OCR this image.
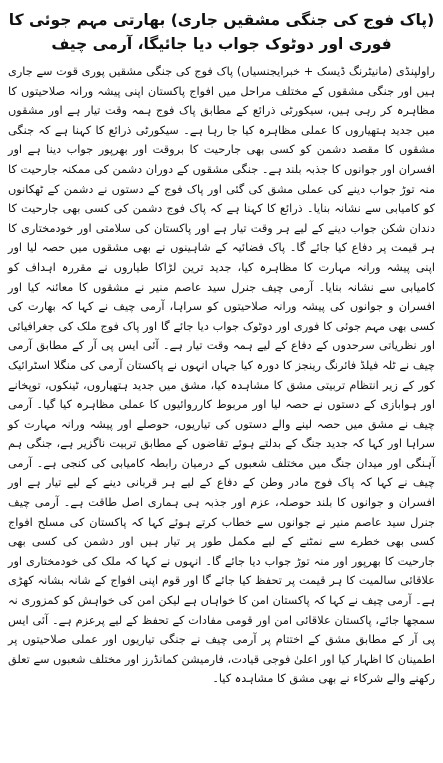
(پاک فوج کی جنگی مشقیں جاری) بھارتی مہم جوئی کا فوری اور دوٹوک جواب دیا جائیگا، آرمی چیف

راولپنڈی (مانیٹرنگ ڈیسک + خبرایجنسیاں) پاک فوج کی جنگی مشقیں پوری قوت سے جاری ہیں اور جنگی مشقوں کے مختلف مراحل میں افواج پاکستان اپنی پیشہ ورانہ صلاحیتوں کا مظاہرہ کر رہی ہیں، سیکورٹی ذرائع کے مطابق پاک فوج ہمہ وقت تیار ہے اور مشقوں میں جدید ہتھیاروں کا عملی مظاہرہ کیا جا رہا ہے۔ سیکورٹی ذرائع کا کہنا ہے کہ جنگی مشقوں کا مقصد دشمن کو کسی بھی جارحیت کا بروقت اور بھرپور جواب دینا ہے اور افسران اور جوانوں کا جذبہ بلند ہے۔ جنگی مشقوں کے دوران دشمن کی ممکنہ جارحیت کا منہ توڑ جواب دینے کی عملی مشق کی گئی اور پاک فوج کے دستوں نے دشمن کے ٹھکانوں کو کامیابی سے نشانہ بنایا۔ ذرائع کا کہنا ہے کہ پاک فوج دشمن کی کسی بھی جارحیت کا دندان شکن جواب دینے کے لیے ہر وقت تیار ہے اور پاکستان کی سلامتی اور خودمختاری کا ہر قیمت پر دفاع کیا جائے گا۔ پاک فضائیہ کے شاہینوں نے بھی مشقوں میں حصہ لیا اور اپنی پیشہ ورانہ مہارت کا مظاہرہ کیا، جدید ترین لڑاکا طیاروں نے مقررہ اہداف کو کامیابی سے نشانہ بنایا۔ آرمی چیف جنرل سید عاصم منیر نے مشقوں کا معائنہ کیا اور افسران و جوانوں کی پیشہ ورانہ صلاحیتوں کو سراہا، آرمی چیف نے کہا کہ بھارت کی کسی بھی مہم جوئی کا فوری اور دوٹوک جواب دیا جائے گا اور پاک فوج ملک کی جغرافیائی اور نظریاتی سرحدوں کے دفاع کے لیے ہمہ وقت تیار ہے۔ آئی ایس پی آر کے مطابق آرمی چیف نے ٹلہ فیلڈ فائرنگ رینجز کا دورہ کیا جہاں انہوں نے پاکستان آرمی کی منگلا اسٹرائیک کور کے زیر انتظام تربیتی مشق کا مشاہدہ کیا، مشق میں جدید ہتھیاروں، ٹینکوں، توپخانے اور ہوابازی کے دستوں نے حصہ لیا اور مربوط کارروائیوں کا عملی مظاہرہ کیا گیا۔ آرمی چیف نے مشق میں حصہ لینے والے دستوں کی تیاریوں، حوصلے اور پیشہ ورانہ مہارت کو سراہا اور کہا کہ جدید جنگ کے بدلتے ہوئے تقاضوں کے مطابق تربیت ناگزیر ہے، جنگی ہم آہنگی اور میدان جنگ میں مختلف شعبوں کے درمیان رابطہ کامیابی کی کنجی ہے۔ آرمی چیف نے کہا کہ پاک فوج مادر وطن کے دفاع کے لیے ہر قربانی دینے کے لیے تیار ہے اور افسران و جوانوں کا بلند حوصلہ، عزم اور جذبہ ہی ہماری اصل طاقت ہے۔ آرمی چیف جنرل سید عاصم منیر نے جوانوں سے خطاب کرتے ہوئے کہا کہ پاکستان کی مسلح افواج کسی بھی خطرے سے نمٹنے کے لیے مکمل طور پر تیار ہیں اور دشمن کی کسی بھی جارحیت کا بھرپور اور منہ توڑ جواب دیا جائے گا۔ انہوں نے کہا کہ ملک کی خودمختاری اور علاقائی سالمیت کا ہر قیمت پر تحفظ کیا جائے گا اور قوم اپنی افواج کے شانہ بشانہ کھڑی ہے۔ آرمی چیف نے کہا کہ پاکستان امن کا خواہاں ہے لیکن امن کی خواہش کو کمزوری نہ سمجھا جائے، پاکستان علاقائی امن اور قومی مفادات کے تحفظ کے لیے پرعزم ہے۔ آئی ایس پی آر کے مطابق مشق کے اختتام پر آرمی چیف نے جنگی تیاریوں اور عملی صلاحیتوں پر اطمینان کا اظہار کیا اور اعلیٰ فوجی قیادت، فارمیشن کمانڈرز اور مختلف شعبوں سے تعلق رکھنے والے شرکاء نے بھی مشق کا مشاہدہ کیا۔
